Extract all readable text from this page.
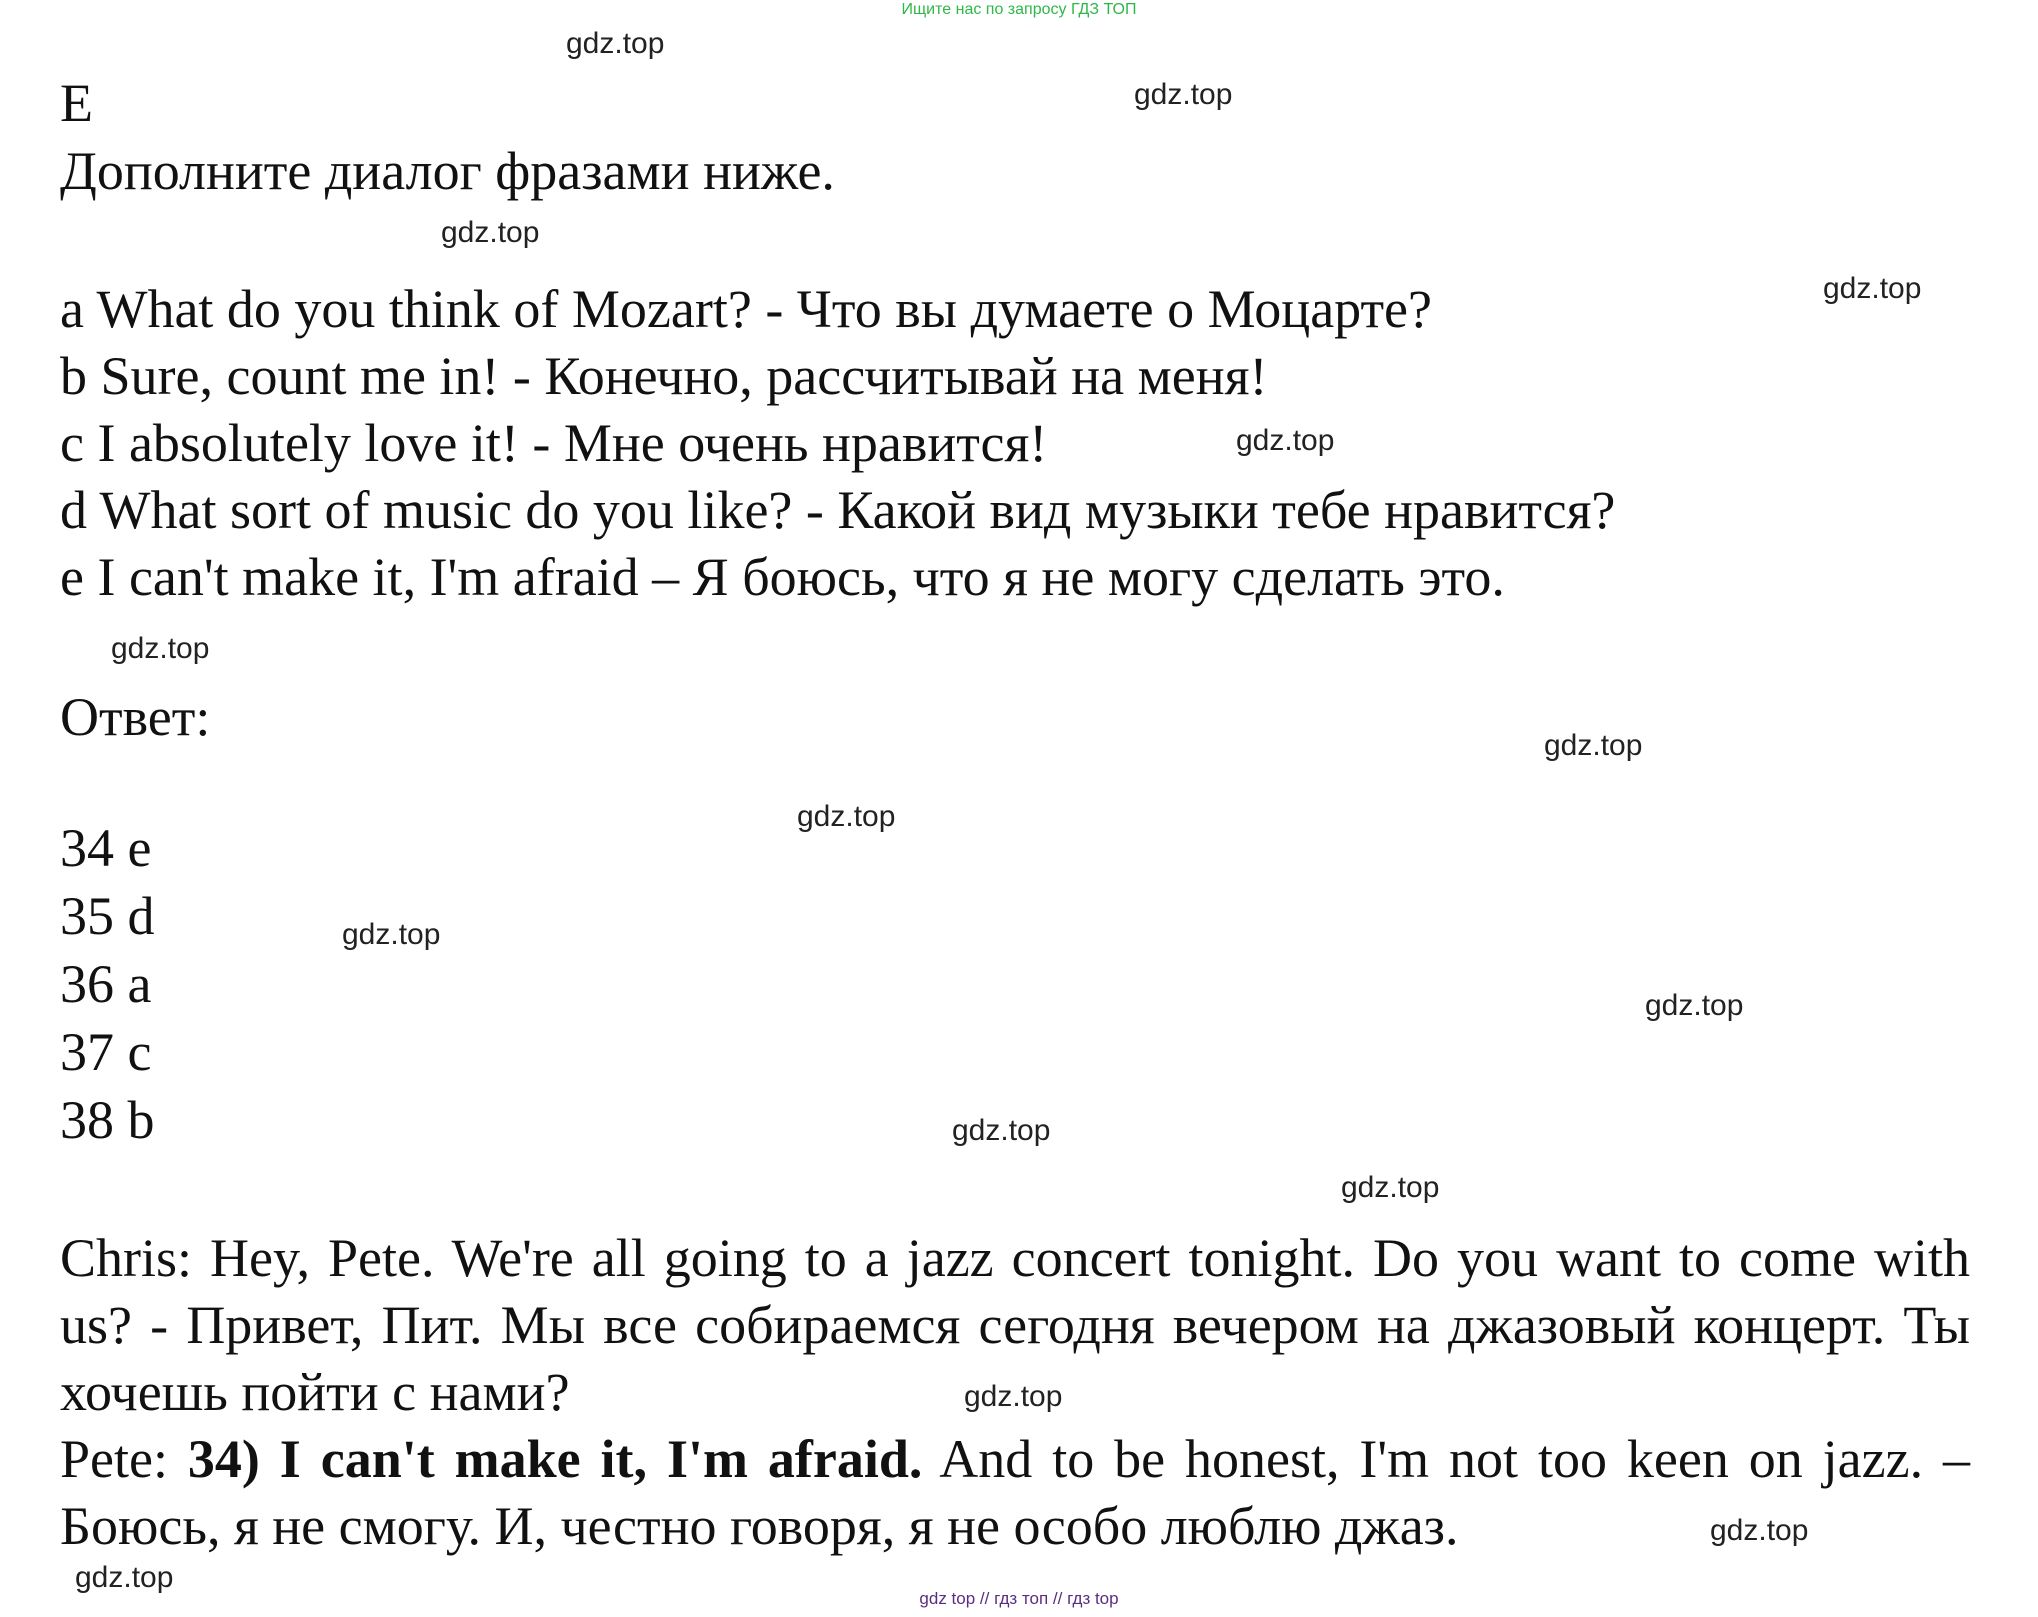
Ищите нас по запросу ГДЗ ТОП
E
Дополните диалог фразами ниже.
a What do you think of Mozart? - Что вы думаете о Моцарте?
b Sure, count me in! - Конечно, рассчитывай на меня!
c I absolutely love it! - Мне очень нравится!
d What sort of music do you like? - Какой вид музыки тебе нравится?
e I can't make it, I'm afraid – Я боюсь, что я не могу сделать это.
Ответ:
34 e
35 d
36 a
37 c
38 b

Chris: Hey, Pete. We're all going to a jazz concert tonight. Do you want to come with us? - Привет, Пит. Мы все собираемся сегодня вечером на джазовый концерт. Ты хочешь пойти с нами?

Pete: 34) I can't make it, I'm afraid. And to be honest, I'm not too keen on jazz. – Боюсь, я не смогу. И, честно говоря, я не особо люблю джаз.

gdz.top
gdz.top
gdz.top
gdz.top
gdz.top
gdz.top
gdz.top
gdz.top
gdz.top
gdz.top
gdz.top
gdz.top
gdz.top
gdz.top
gdz.top
gdz top // гдз топ // гдз top
